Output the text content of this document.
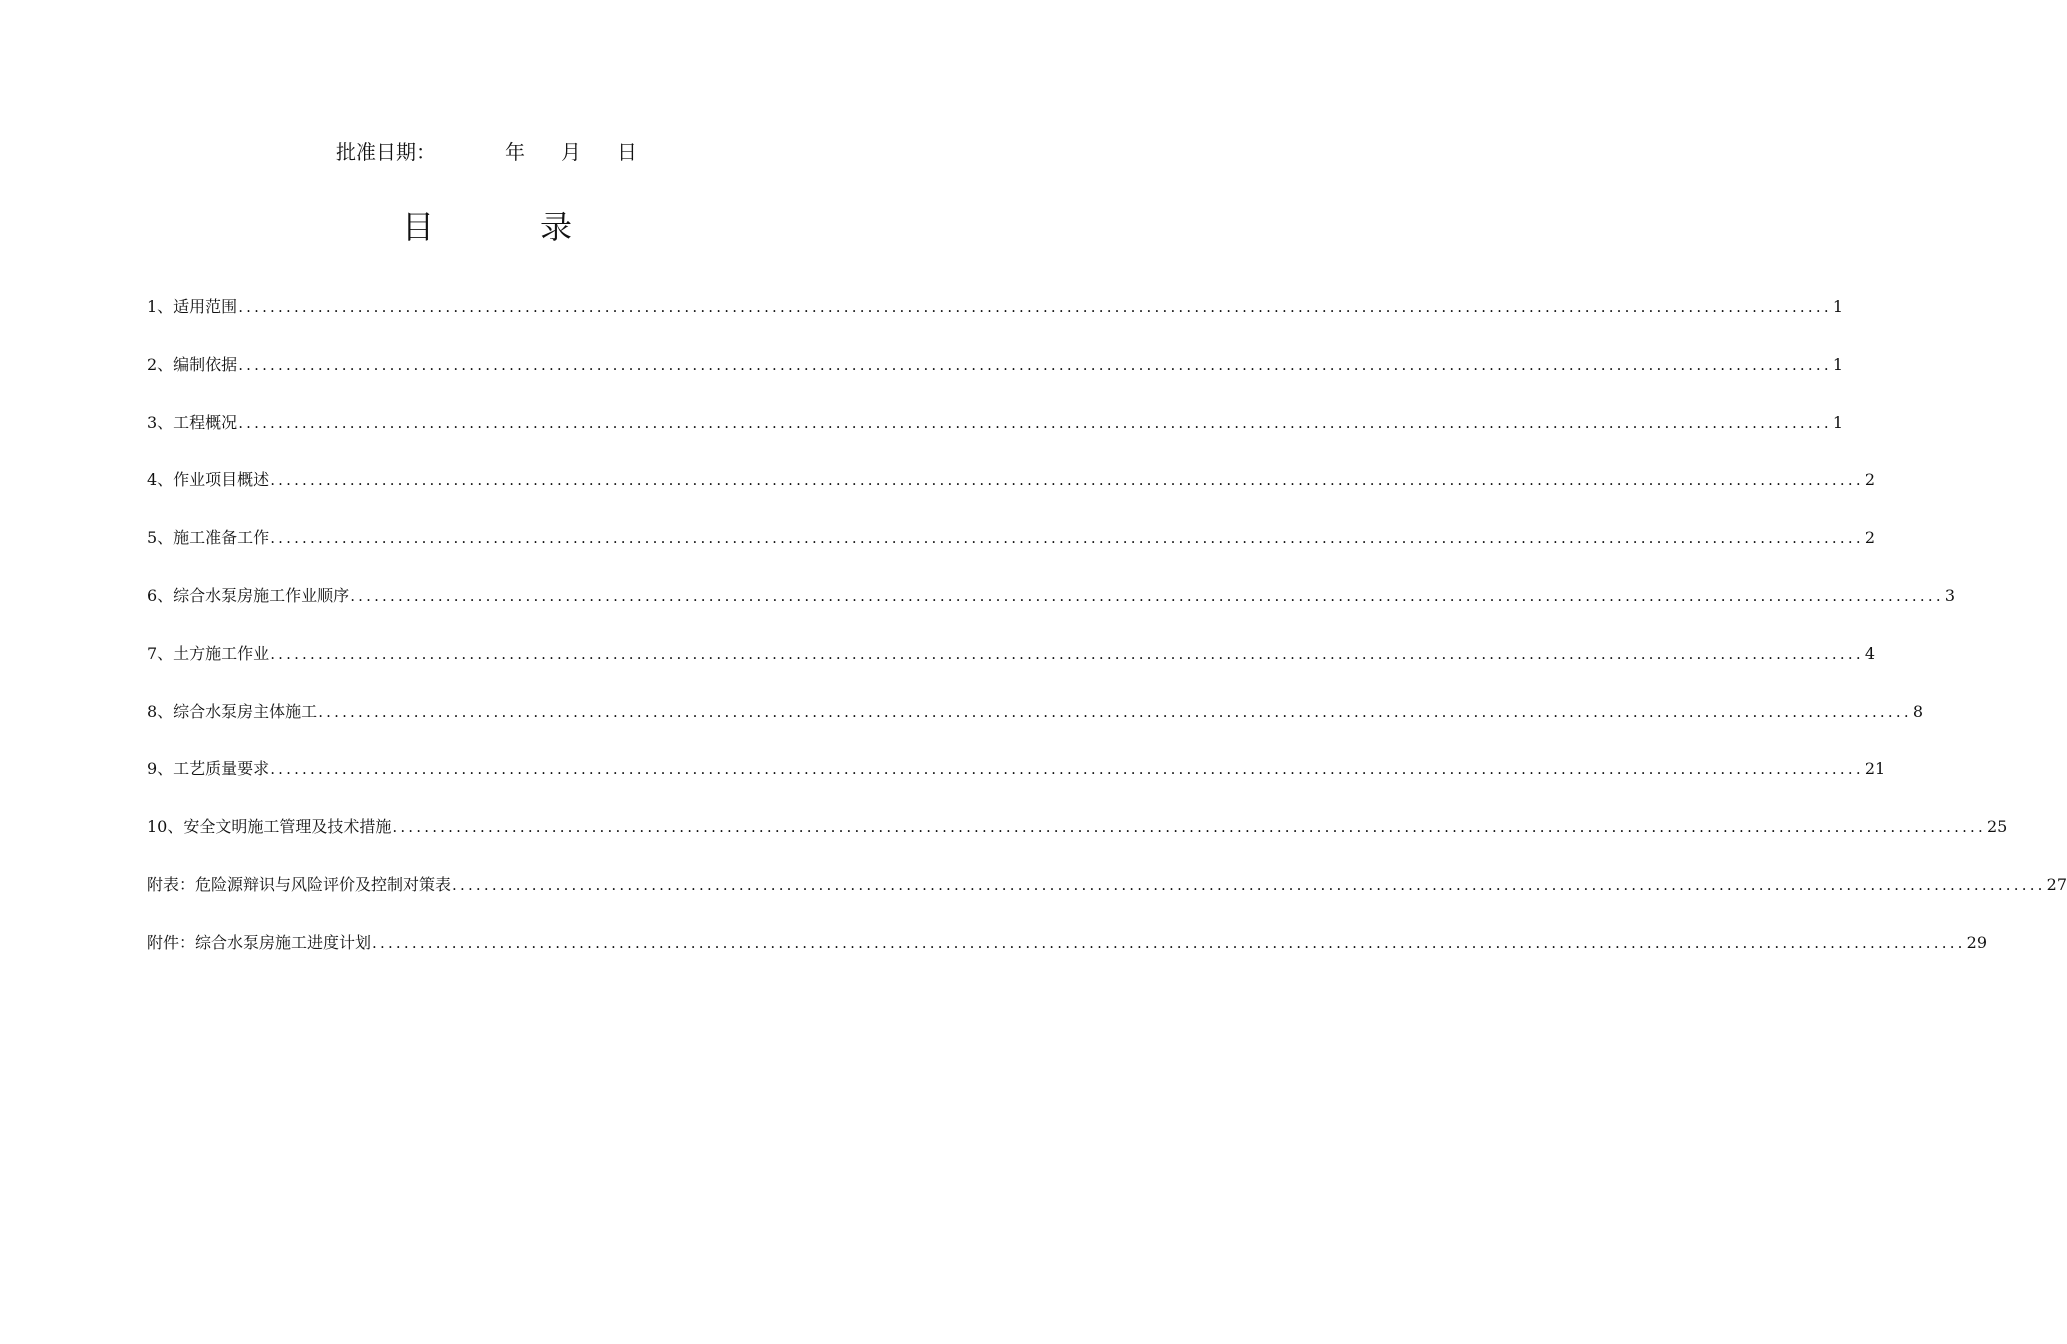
批准日期：	年 月 日
目	录
1、适用范围 ........................................................................................................................................................................................................ 1
2、编制依据 ........................................................................................................................................................................................................ 1
3、工程概况 ........................................................................................................................................................................................................ 1
4、作业项目概述 ........................................................................................................................................................................................................ 2
5、施工准备工作 ........................................................................................................................................................................................................ 2
6、综合水泵房施工作业顺序 ........................................................................................................................................................................................................ 3
7、土方施工作业 ........................................................................................................................................................................................................ 4
8、综合水泵房主体施工 ........................................................................................................................................................................................................ 8
9、工艺质量要求 ........................................................................................................................................................................................................ 21
10、安全文明施工管理及技术措施 ........................................................................................................................................................................................................ 25
附表：危险源辩识与风险评价及控制对策表 ........................................................................................................................................................................................................ 27
附件：综合水泵房施工进度计划 ........................................................................................................................................................................................................ 29
